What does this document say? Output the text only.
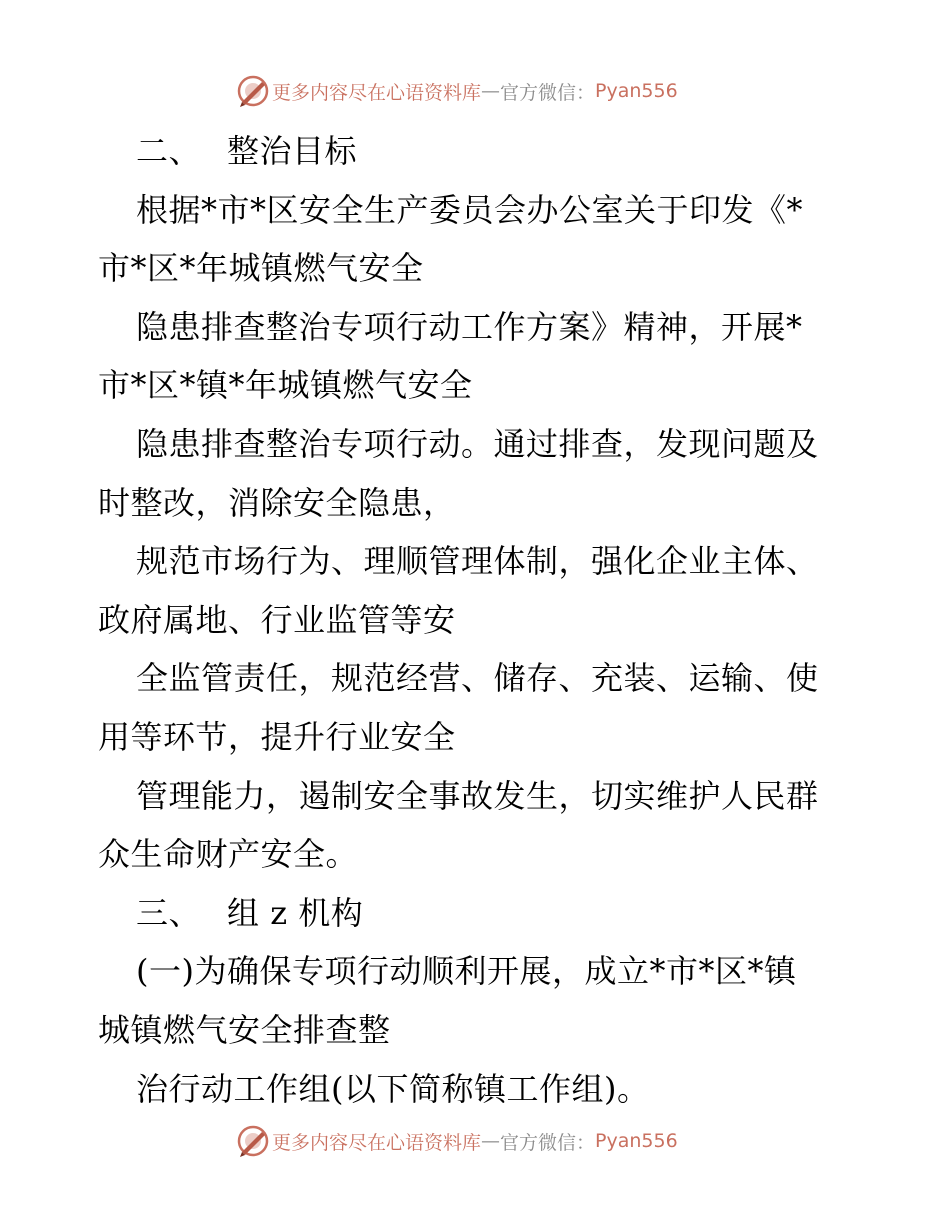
更多内容尽在心语资料库 — 官方微信： Pyan556
二、 整治目标
根据*市*区安全生产委员会办公室关于印发《*
市*区*年城镇燃气安全
隐患排查整治专项行动工作方案》精神，开展*
市*区*镇*年城镇燃气安全
隐患排查整治专项行动。通过排查，发现问题及
时整改，消除安全隐患，
规范市场行为、理顺管理体制，强化企业主体、
政府属地、行业监管等安
全监管责任，规范经营、储存、充装、运输、使
用等环节，提升行业安全
管理能力，遏制安全事故发生，切实维护人民群
众生命财产安全。
三、 组 z 机构
(一)为确保专项行动顺利开展，成立*市*区*镇
城镇燃气安全排查整
治行动工作组(以下简称镇工作组)。
更多内容尽在心语资料库 — 官方微信： Pyan556
